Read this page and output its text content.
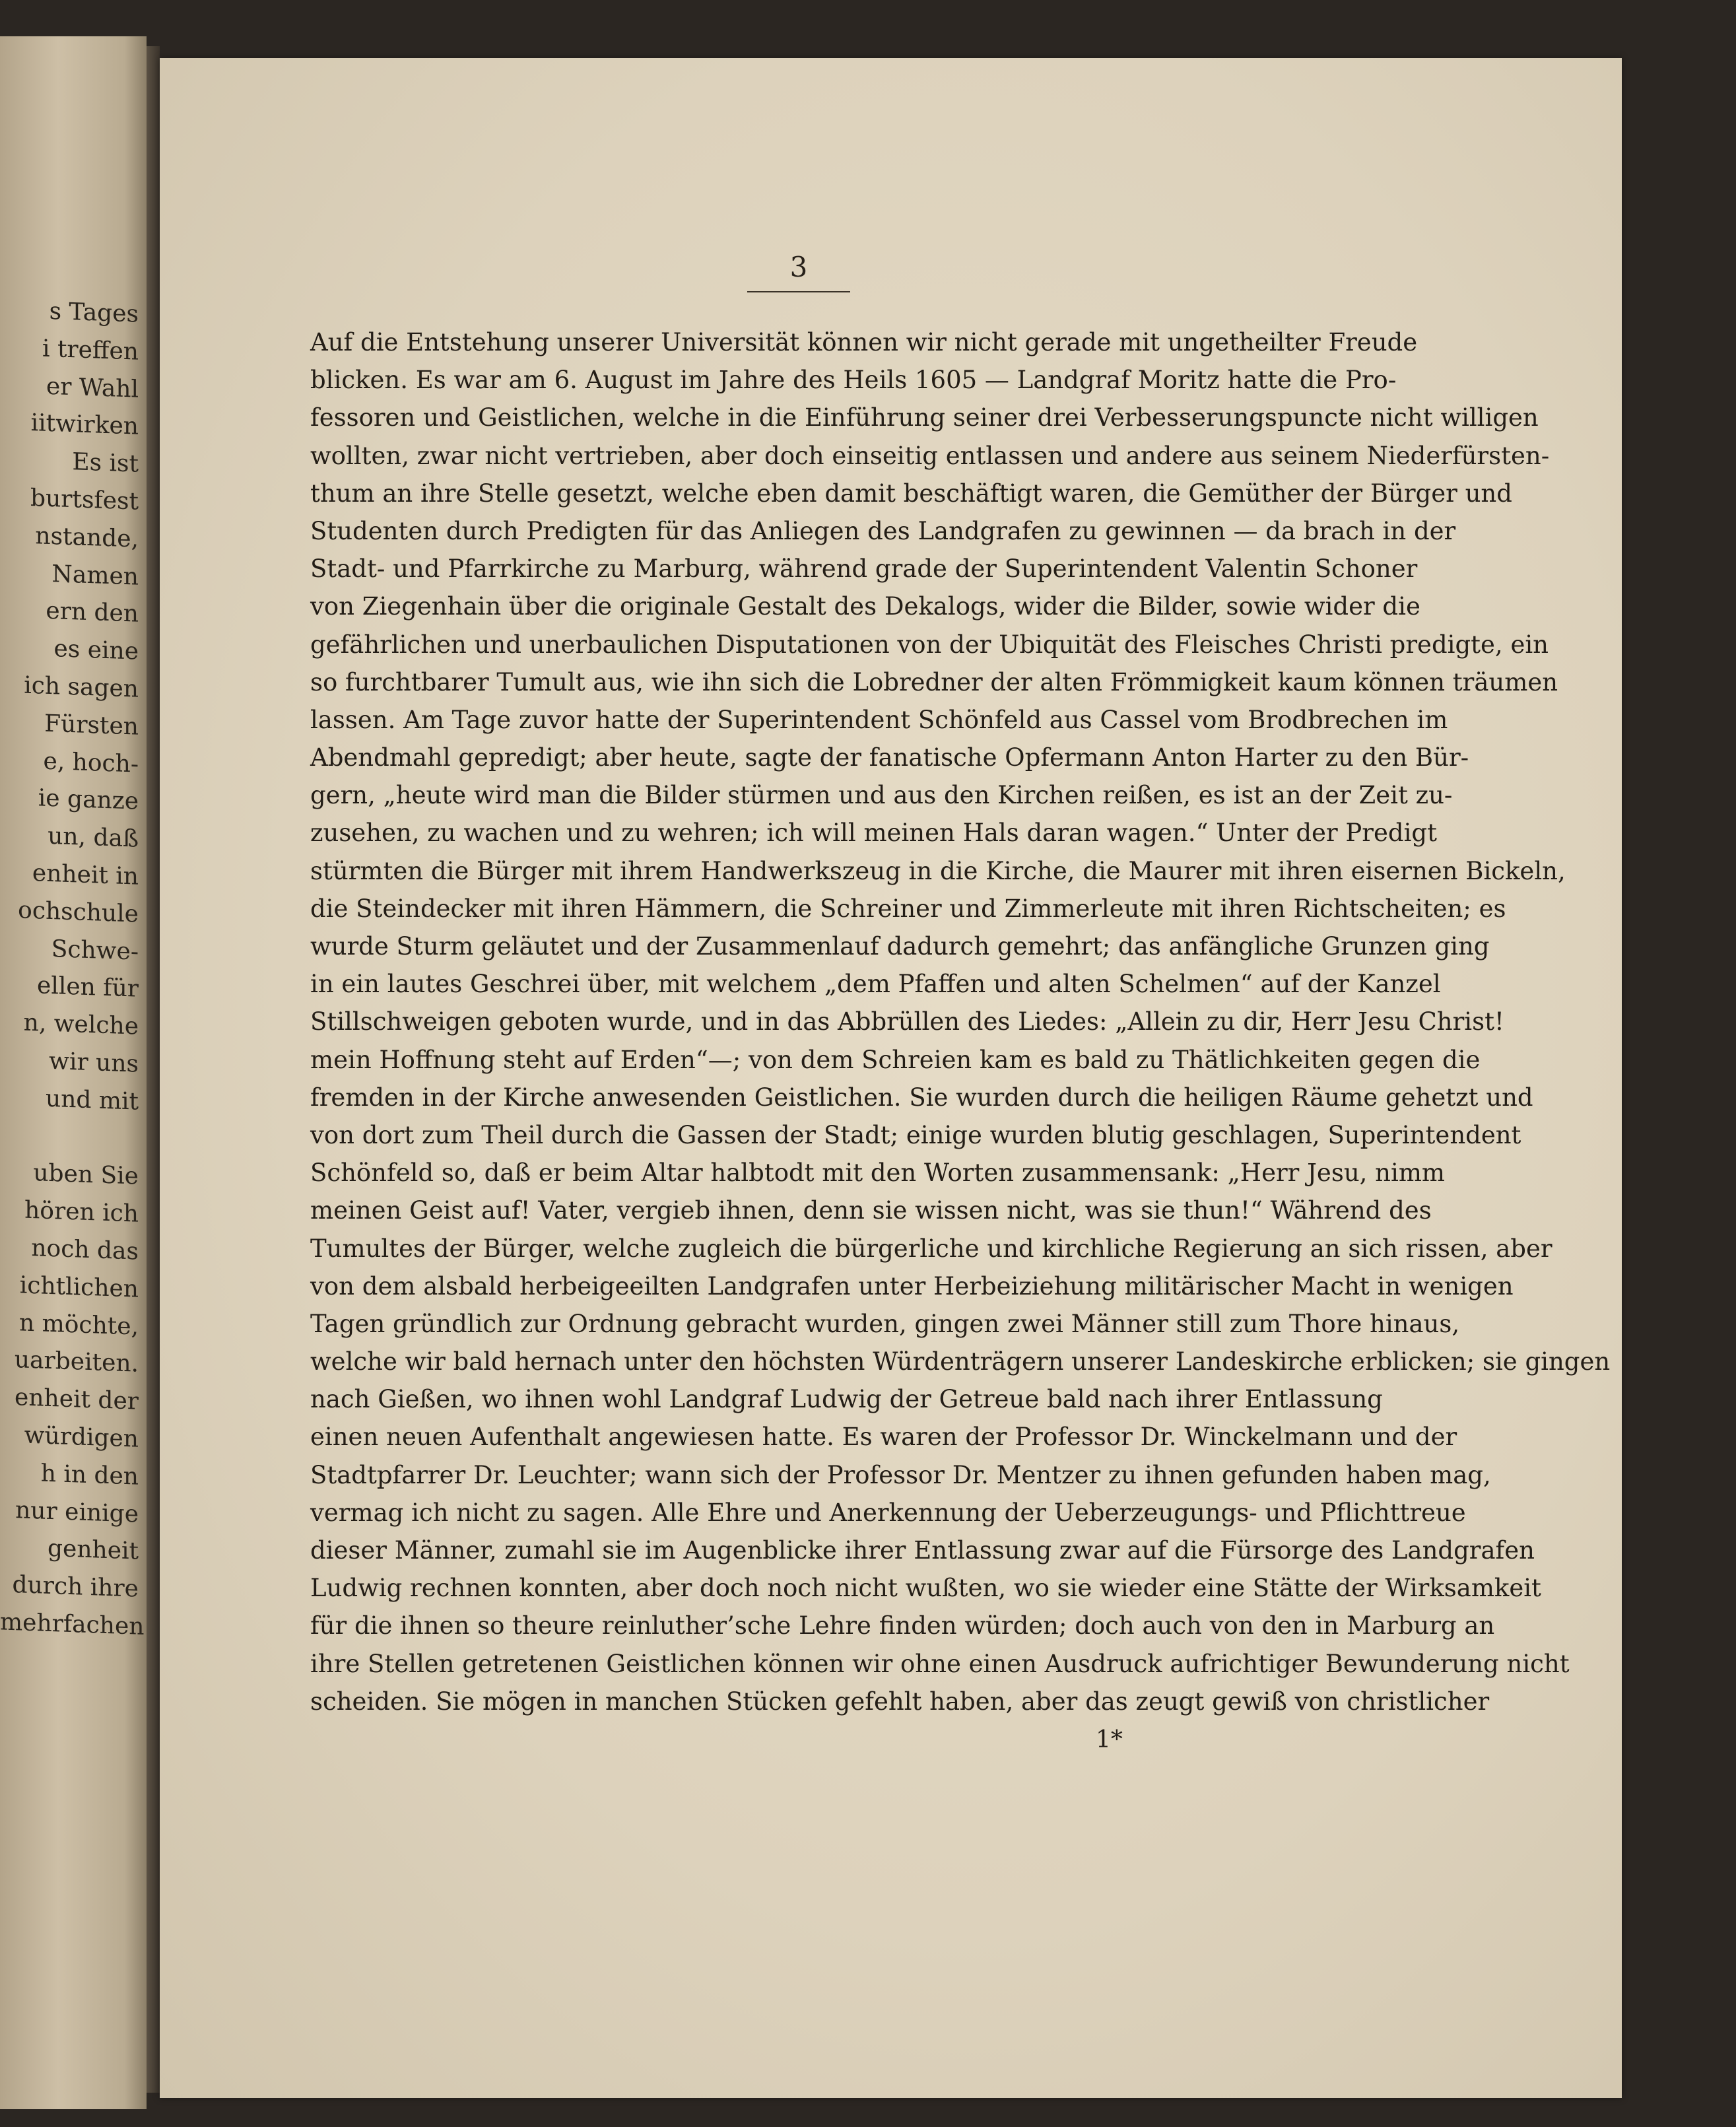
s Tages
i treffen
er Wahl
iitwirken
Es ist
burtsfest
nstande,
Namen
ern den
es eine
ich sagen
Fürsten
e, hoch-
ie ganze
un, daß
enheit in
ochschule
Schwe-
ellen für
n, welche
wir uns
und mit
uben Sie
hören ich
noch das
ichtlichen
n möchte,
uarbeiten.
enheit der
würdigen
h in den
nur einige
genheit
durch ihre
mehrfachen
3
Auf die Entstehung unserer Universität können wir nicht gerade mit ungetheilter Freude
blicken. Es war am 6. August im Jahre des Heils 1605 — Landgraf Moritz hatte die Pro-
fessoren und Geistlichen, welche in die Einführung seiner drei Verbesserungspuncte nicht willigen
wollten, zwar nicht vertrieben, aber doch einseitig entlassen und andere aus seinem Niederfürsten-
thum an ihre Stelle gesetzt, welche eben damit beschäftigt waren, die Gemüther der Bürger und
Studenten durch Predigten für das Anliegen des Landgrafen zu gewinnen — da brach in der
Stadt- und Pfarrkirche zu Marburg, während grade der Superintendent Valentin Schoner
von Ziegenhain über die originale Gestalt des Dekalogs, wider die Bilder, sowie wider die
gefährlichen und unerbaulichen Disputationen von der Ubiquität des Fleisches Christi predigte, ein
so furchtbarer Tumult aus, wie ihn sich die Lobredner der alten Frömmigkeit kaum können träumen
lassen. Am Tage zuvor hatte der Superintendent Schönfeld aus Cassel vom Brodbrechen im
Abendmahl gepredigt; aber heute, sagte der fanatische Opfermann Anton Harter zu den Bür-
gern, „heute wird man die Bilder stürmen und aus den Kirchen reißen, es ist an der Zeit zu-
zusehen, zu wachen und zu wehren; ich will meinen Hals daran wagen.“ Unter der Predigt
stürmten die Bürger mit ihrem Handwerkszeug in die Kirche, die Maurer mit ihren eisernen Bickeln,
die Steindecker mit ihren Hämmern, die Schreiner und Zimmerleute mit ihren Richtscheiten; es
wurde Sturm geläutet und der Zusammenlauf dadurch gemehrt; das anfängliche Grunzen ging
in ein lautes Geschrei über, mit welchem „dem Pfaffen und alten Schelmen“ auf der Kanzel
Stillschweigen geboten wurde, und in das Abbrüllen des Liedes: „Allein zu dir, Herr Jesu Christ!
mein Hoffnung steht auf Erden“—; von dem Schreien kam es bald zu Thätlichkeiten gegen die
fremden in der Kirche anwesenden Geistlichen. Sie wurden durch die heiligen Räume gehetzt und
von dort zum Theil durch die Gassen der Stadt; einige wurden blutig geschlagen, Superintendent
Schönfeld so, daß er beim Altar halbtodt mit den Worten zusammensank: „Herr Jesu, nimm
meinen Geist auf! Vater, vergieb ihnen, denn sie wissen nicht, was sie thun!“ Während des
Tumultes der Bürger, welche zugleich die bürgerliche und kirchliche Regierung an sich rissen, aber
von dem alsbald herbeigeeilten Landgrafen unter Herbeiziehung militärischer Macht in wenigen
Tagen gründlich zur Ordnung gebracht wurden, gingen zwei Männer still zum Thore hinaus,
welche wir bald hernach unter den höchsten Würdenträgern unserer Landeskirche erblicken; sie gingen
nach Gießen, wo ihnen wohl Landgraf Ludwig der Getreue bald nach ihrer Entlassung
einen neuen Aufenthalt angewiesen hatte. Es waren der Professor Dr. Winckelmann und der
Stadtpfarrer Dr. Leuchter; wann sich der Professor Dr. Mentzer zu ihnen gefunden haben mag,
vermag ich nicht zu sagen. Alle Ehre und Anerkennung der Ueberzeugungs- und Pflichttreue
dieser Männer, zumahl sie im Augenblicke ihrer Entlassung zwar auf die Fürsorge des Landgrafen
Ludwig rechnen konnten, aber doch noch nicht wußten, wo sie wieder eine Stätte der Wirksamkeit
für die ihnen so theure reinluther’sche Lehre finden würden; doch auch von den in Marburg an
ihre Stellen getretenen Geistlichen können wir ohne einen Ausdruck aufrichtiger Bewunderung nicht
scheiden. Sie mögen in manchen Stücken gefehlt haben, aber das zeugt gewiß von christlicher
1*
